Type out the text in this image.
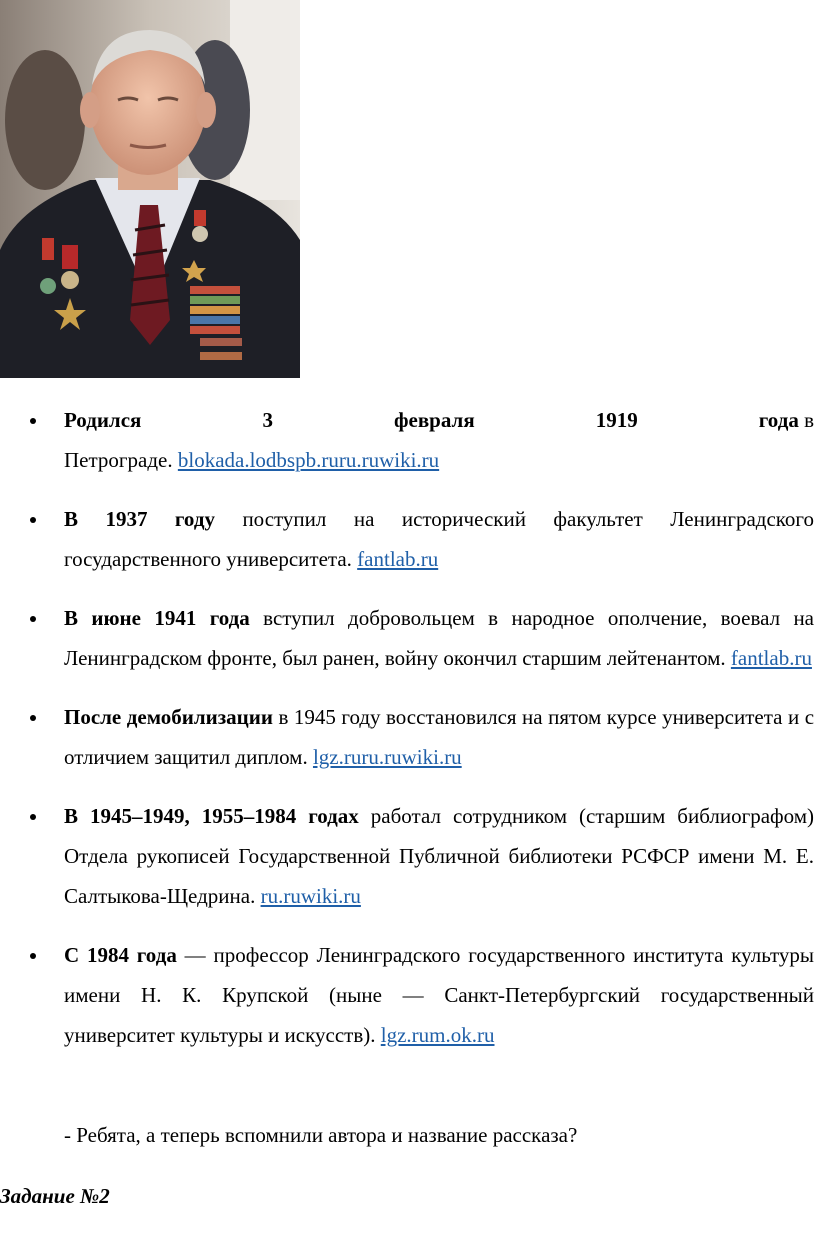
Родился	3	февраля	1919	года в
Петрограде. blokada.lodbspb.ruru.ruwiki.ru
В 1937 году поступил на исторический факультет Ленинградского государственного университета. fantlab.ru
В июне 1941 года вступил добровольцем в народное ополчение, воевал на Ленинградском фронте, был ранен, войну окончил старшим лейтенантом. fantlab.ru
После демобилизации в 1945 году восстановился на пятом курсе университета и с отличием защитил диплом. lgz.ruru.ruwiki.ru
В 1945–1949, 1955–1984 годах работал сотрудником (старшим библиографом) Отдела рукописей Государственной Публичной библиотеки РСФСР имени М. Е. Салтыкова-Щедрина. ru.ruwiki.ru
С 1984 года — профессор Ленинградского государственного института культуры имени Н. К. Крупской (ныне — Санкт-Петербургский государственный университет культуры и искусств). lgz.rum.ok.ru
- Ребята, а теперь вспомнили автора и название рассказа?
Задание №2
